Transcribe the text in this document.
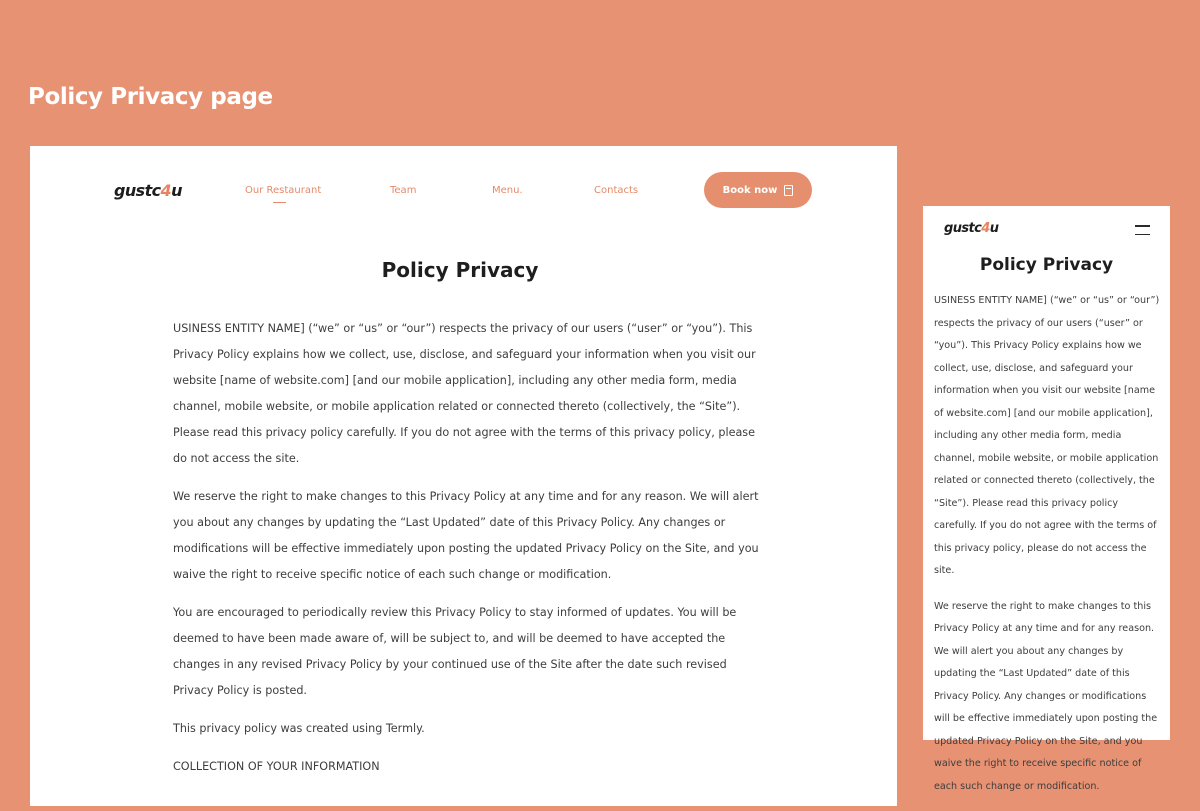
Policy Privacy page
gustc4u	Our Restaurant	Team	Menu.	Contacts	Book now
Policy Privacy

USINESS ENTITY NAME] (“we” or “us” or “our”) respects the privacy of our users (“user” or “you”). This Privacy Policy explains how we collect, use, disclose, and safeguard your information when you visit our website [name of website.com] [and our mobile application], including any other media form, media channel, mobile website, or mobile application related or connected thereto (collectively, the “Site”). Please read this privacy policy carefully. If you do not agree with the terms of this privacy policy, please do not access the site.

We reserve the right to make changes to this Privacy Policy at any time and for any reason. We will alert you about any changes by updating the “Last Updated” date of this Privacy Policy. Any changes or modifications will be effective immediately upon posting the updated Privacy Policy on the Site, and you waive the right to receive specific notice of each such change or modification.

You are encouraged to periodically review this Privacy Policy to stay informed of updates. You will be deemed to have been made aware of, will be subject to, and will be deemed to have accepted the changes in any revised Privacy Policy by your continued use of the Site after the date such revised Privacy Policy is posted.

This privacy policy was created using Termly.

COLLECTION OF YOUR INFORMATION

gustc4u
Policy Privacy

USINESS ENTITY NAME] (“we” or “us” or “our”) respects the privacy of our users (“user” or “you”). This Privacy Policy explains how we collect, use, disclose, and safeguard your information when you visit our website [name of website.com] [and our mobile application], including any other media form, media channel, mobile website, or mobile application related or connected thereto (collectively, the “Site”). Please read this privacy policy carefully. If you do not agree with the terms of this privacy policy, please do not access the site.

We reserve the right to make changes to this Privacy Policy at any time and for any reason. We will alert you about any changes by updating the “Last Updated” date of this Privacy Policy. Any changes or modifications will be effective immediately upon posting the updated Privacy Policy on the Site, and you waive the right to receive specific notice of each such change or modification.
